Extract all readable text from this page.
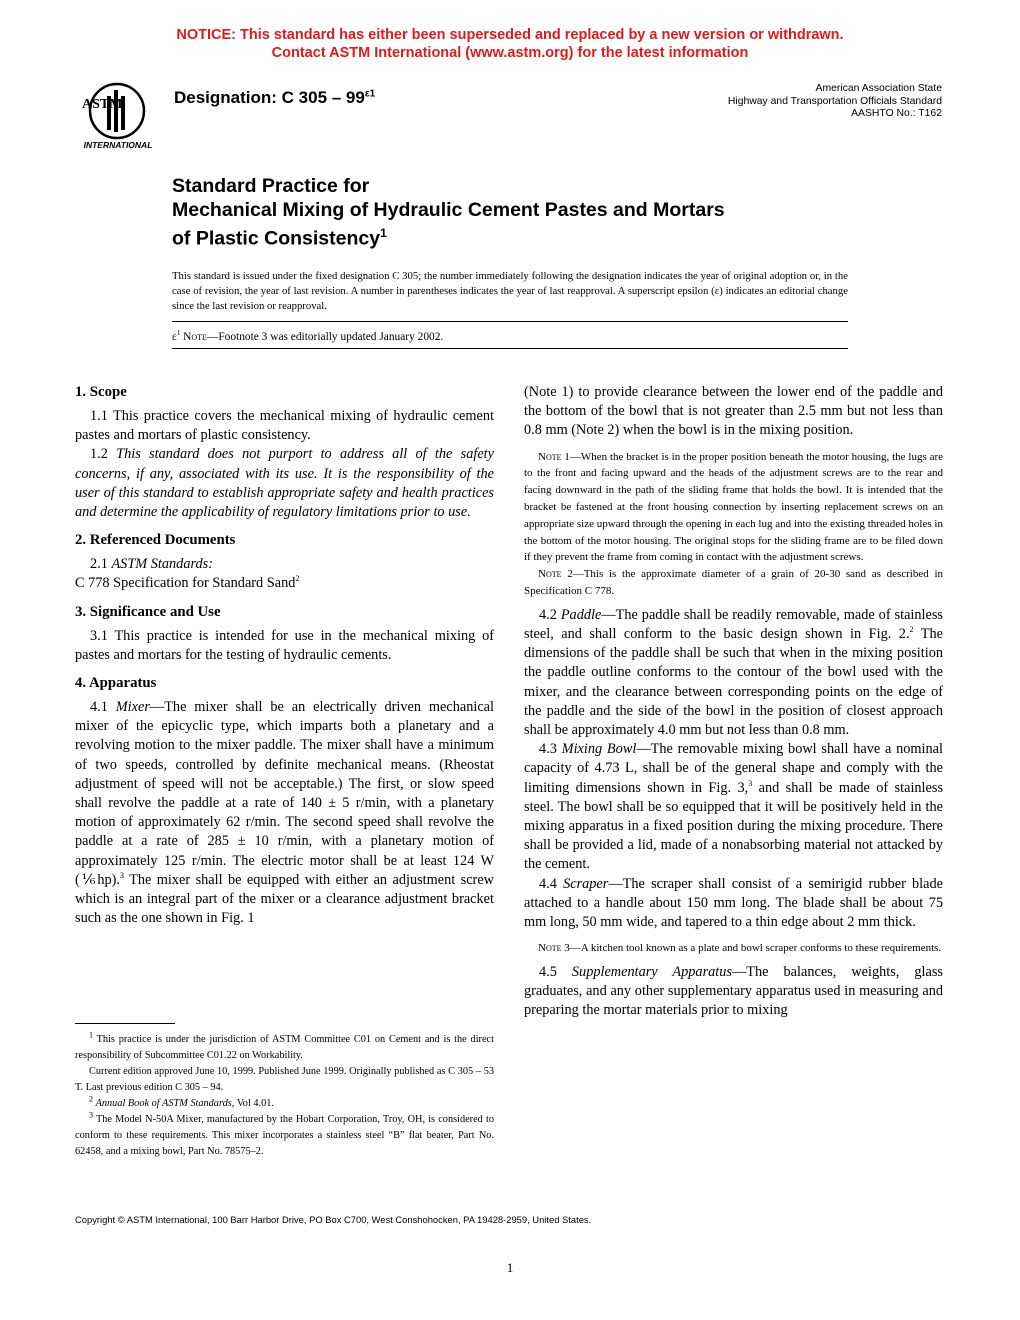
NOTICE: This standard has either been superseded and replaced by a new version or withdrawn.
Contact ASTM International (www.astm.org) for the latest information
ASTM
INTERNATIONAL
Designation: C $305 - 99^{\varepsilon 1}$	American Association State
Highway and Transportation Officials Standard
AASHTO No.: T162
Standard Practice for
Mechanical Mixing of Hydraulic Cement Pastes and Mortars
of Plastic Consistency$^1$
This standard is issued under the fixed designation C 305; the number immediately following the designation indicates the year of original adoption or, in the case of revision, the year of last revision. A number in parentheses indicates the year of last reapproval. A superscript epsilon (ε) indicates an editorial change since the last revision or reapproval.
$\varepsilon^1$ Note—Footnote 3 was editorially updated January 2002.
1. Scope

1.1 This practice covers the mechanical mixing of hydraulic cement pastes and mortars of plastic consistency.

1.2 This standard does not purport to address all of the safety concerns, if any, associated with its use. It is the responsibility of the user of this standard to establish appropriate safety and health practices and determine the applicability of regulatory limitations prior to use.

2. Referenced Documents

2.1 ASTM Standards:

C 778 Specification for Standard Sand$^2$

3. Significance and Use

3.1 This practice is intended for use in the mechanical mixing of pastes and mortars for the testing of hydraulic cements.

4. Apparatus

4.1 Mixer—The mixer shall be an electrically driven mechanical mixer of the epicyclic type, which imparts both a planetary and a revolving motion to the mixer paddle. The mixer shall have a minimum of two speeds, controlled by definite mechanical means. (Rheostat adjustment of speed will not be acceptable.) The first, or slow speed shall revolve the paddle at a rate of 140 ± 5 r/min, with a planetary motion of approximately 62 r/min. The second speed shall revolve the paddle at a rate of 285 ± 10 r/min, with a planetary motion of approximately 125 r/min. The electric motor shall be at least 124 W (⅙hp).$^3$ The mixer shall be equipped with either an adjustment screw which is an integral part of the mixer or a clearance adjustment bracket such as the one shown in Fig. 1

(Note 1) to provide clearance between the lower end of the paddle and the bottom of the bowl that is not greater than 2.5 mm but not less than 0.8 mm (Note 2) when the bowl is in the mixing position.

Note 1—When the bracket is in the proper position beneath the motor housing, the lugs are to the front and facing upward and the heads of the adjustment screws are to the rear and facing downward in the path of the sliding frame that holds the bowl. It is intended that the bracket be fastened at the front housing connection by inserting replacement screws on an appropriate size upward through the opening in each lug and into the existing threaded holes in the bottom of the motor housing. The original stops for the sliding frame are to be filed down if they prevent the frame from coming in contact with the adjustment screws.

Note 2—This is the approximate diameter of a grain of 20-30 sand as described in Specification C 778.

4.2 Paddle—The paddle shall be readily removable, made of stainless steel, and shall conform to the basic design shown in Fig. 2.$^2$ The dimensions of the paddle shall be such that when in the mixing position the paddle outline conforms to the contour of the bowl used with the mixer, and the clearance between corresponding points on the edge of the paddle and the side of the bowl in the position of closest approach shall be approximately 4.0 mm but not less than 0.8 mm.

4.3 Mixing Bowl—The removable mixing bowl shall have a nominal capacity of 4.73 L, shall be of the general shape and comply with the limiting dimensions shown in Fig. 3,$^3$ and shall be made of stainless steel. The bowl shall be so equipped that it will be positively held in the mixing apparatus in a fixed position during the mixing procedure. There shall be provided a lid, made of a nonabsorbing material not attacked by the cement.

4.4 Scraper—The scraper shall consist of a semirigid rubber blade attached to a handle about 150 mm long. The blade shall be about 75 mm long, 50 mm wide, and tapered to a thin edge about 2 mm thick.

Note 3—A kitchen tool known as a plate and bowl scraper conforms to these requirements.

4.5 Supplementary Apparatus—The balances, weights, glass graduates, and any other supplementary apparatus used in measuring and preparing the mortar materials prior to mixing

$^1$ This practice is under the jurisdiction of ASTM Committee C01 on Cement and is the direct responsibility of Subcommittee C01.22 on Workability.

Current edition approved June 10, 1999. Published June 1999. Originally published as C 305 – 53 T. Last previous edition C 305 – 94.

$^2$ Annual Book of ASTM Standards, Vol 4.01.

$^3$ The Model N-50A Mixer, manufactured by the Hobart Corporation, Troy, OH, is considered to conform to these requirements. This mixer incorporates a stainless steel “B” flat beater, Part No. 62458, and a mixing bowl, Part No. 78575–2.

Copyright © ASTM International, 100 Barr Harbor Drive, PO Box C700, West Conshohocken, PA 19428-2959, United States.
1
